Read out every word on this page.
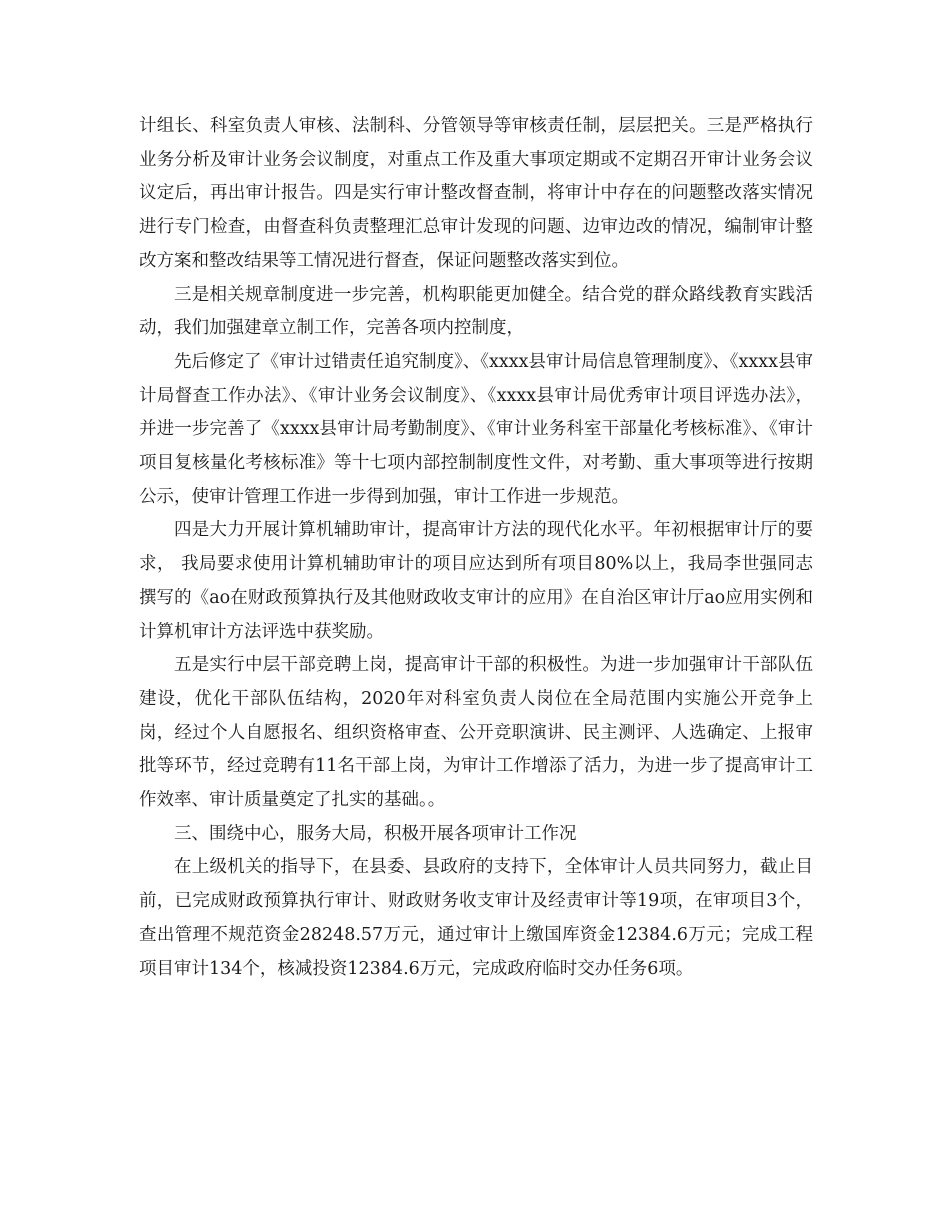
计组长、科室负责人审核、法制科、分管领导等审核责任制，层层把关。三是严格执行业务分析及审计业务会议制度，对重点工作及重大事项定期或不定期召开审计业务会议议定后，再出审计报告。四是实行审计整改督查制，将审计中存在的问题整改落实情况进行专门检查，由督查科负责整理汇总审计发现的问题、边审边改的情况，编制审计整改方案和整改结果等工情况进行督查，保证问题整改落实到位。

三是相关规章制度进一步完善，机构职能更加健全。结合党的群众路线教育实践活动，我们加强建章立制工作，完善各项内控制度，

先后修定了《审计过错责任追究制度》、《xxxx县审计局信息管理制度》、《xxxx县审计局督查工作办法》、《审计业务会议制度》、《xxxx县审计局优秀审计项目评选办法》，并进一步完善了《xxxx县审计局考勤制度》、《审计业务科室干部量化考核标准》、《审计项目复核量化考核标准》等十七项内部控制制度性文件，对考勤、重大事项等进行按期公示，使审计管理工作进一步得到加强，审计工作进一步规范。

四是大力开展计算机辅助审计，提高审计方法的现代化水平。年初根据审计厅的要求， 我局要求使用计算机辅助审计的项目应达到所有项目80%以上，我局李世强同志撰写的《ao在财政预算执行及其他财政收支审计的应用》在自治区审计厅ao应用实例和计算机审计方法评选中获奖励。

五是实行中层干部竞聘上岗，提高审计干部的积极性。为进一步加强审计干部队伍建设，优化干部队伍结构，2020年对科室负责人岗位在全局范围内实施公开竞争上岗，经过个人自愿报名、组织资格审查、公开竞职演讲、民主测评、人选确定、上报审批等环节，经过竞聘有11名干部上岗，为审计工作增添了活力，为进一步了提高审计工作效率、审计质量奠定了扎实的基础。。

三、围绕中心，服务大局，积极开展各项审计工作况

在上级机关的指导下，在县委、县政府的支持下，全体审计人员共同努力，截止目前，已完成财政预算执行审计、财政财务收支审计及经责审计等19项，在审项目3个，查出管理不规范资金28248.57万元，通过审计上缴国库资金12384.6万元；完成工程项目审计134个，核减投资12384.6万元，完成政府临时交办任务6项。
